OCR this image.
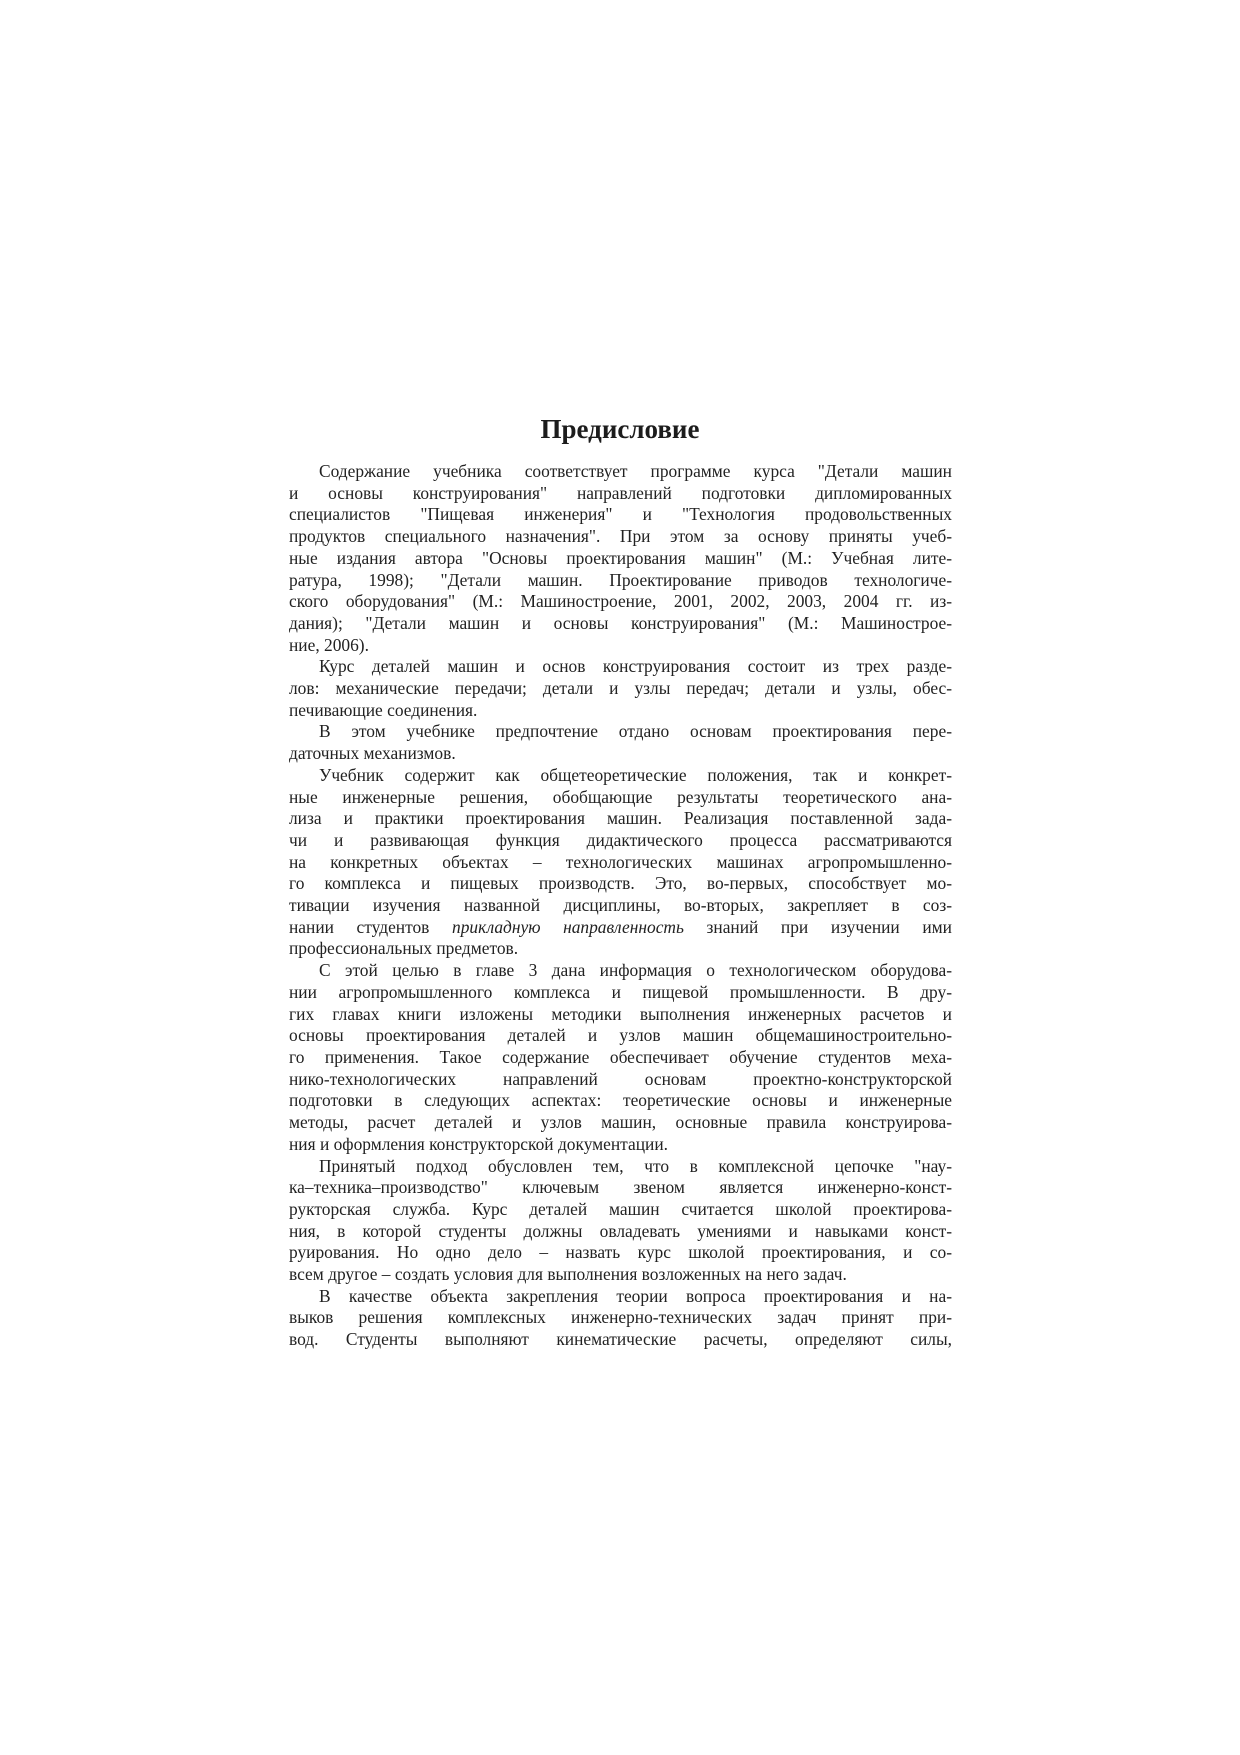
Предисловие
Содержание учебника соответствует программе курса "Детали машин
и основы конструирования" направлений подготовки дипломированных
специалистов "Пищевая инженерия" и "Технология продовольственных
продуктов специального назначения". При этом за основу приняты учеб-
ные издания автора "Основы проектирования машин" (М.: Учебная лите-
ратура, 1998); "Детали машин. Проектирование приводов технологиче-
ского оборудования" (М.: Машиностроение, 2001, 2002, 2003, 2004 гг. из-
дания); "Детали машин и основы конструирования" (М.: Машинострое-
ние, 2006).
Курс деталей машин и основ конструирования состоит из трех разде-
лов: механические передачи; детали и узлы передач; детали и узлы, обес-
печивающие соединения.
В этом учебнике предпочтение отдано основам проектирования пере-
даточных механизмов.
Учебник содержит как общетеоретические положения, так и конкрет-
ные инженерные решения, обобщающие результаты теоретического ана-
лиза и практики проектирования машин. Реализация поставленной зада-
чи и развивающая функция дидактического процесса рассматриваются
на конкретных объектах – технологических машинах агропромышленно-
го комплекса и пищевых производств. Это, во-первых, способствует мо-
тивации изучения названной дисциплины, во-вторых, закрепляет в соз-
нании студентов прикладную направленность знаний при изучении ими
профессиональных предметов.
С этой целью в главе 3 дана информация о технологическом оборудова-
нии агропромышленного комплекса и пищевой промышленности. В дру-
гих главах книги изложены методики выполнения инженерных расчетов и
основы проектирования деталей и узлов машин общемашиностроительно-
го применения. Такое содержание обеспечивает обучение студентов меха-
нико-технологических направлений основам проектно-конструкторской
подготовки в следующих аспектах: теоретические основы и инженерные
методы, расчет деталей и узлов машин, основные правила конструирова-
ния и оформления конструкторской документации.
Принятый подход обусловлен тем, что в комплексной цепочке "нау-
ка–техника–производство" ключевым звеном является инженерно-конст-
рукторская служба. Курс деталей машин считается школой проектирова-
ния, в которой студенты должны овладевать умениями и навыками конст-
руирования. Но одно дело – назвать курс школой проектирования, и со-
всем другое – создать условия для выполнения возложенных на него задач.
В качестве объекта закрепления теории вопроса проектирования и на-
выков решения комплексных инженерно-технических задач принят при-
вод. Студенты выполняют кинематические расчеты, определяют силы,
